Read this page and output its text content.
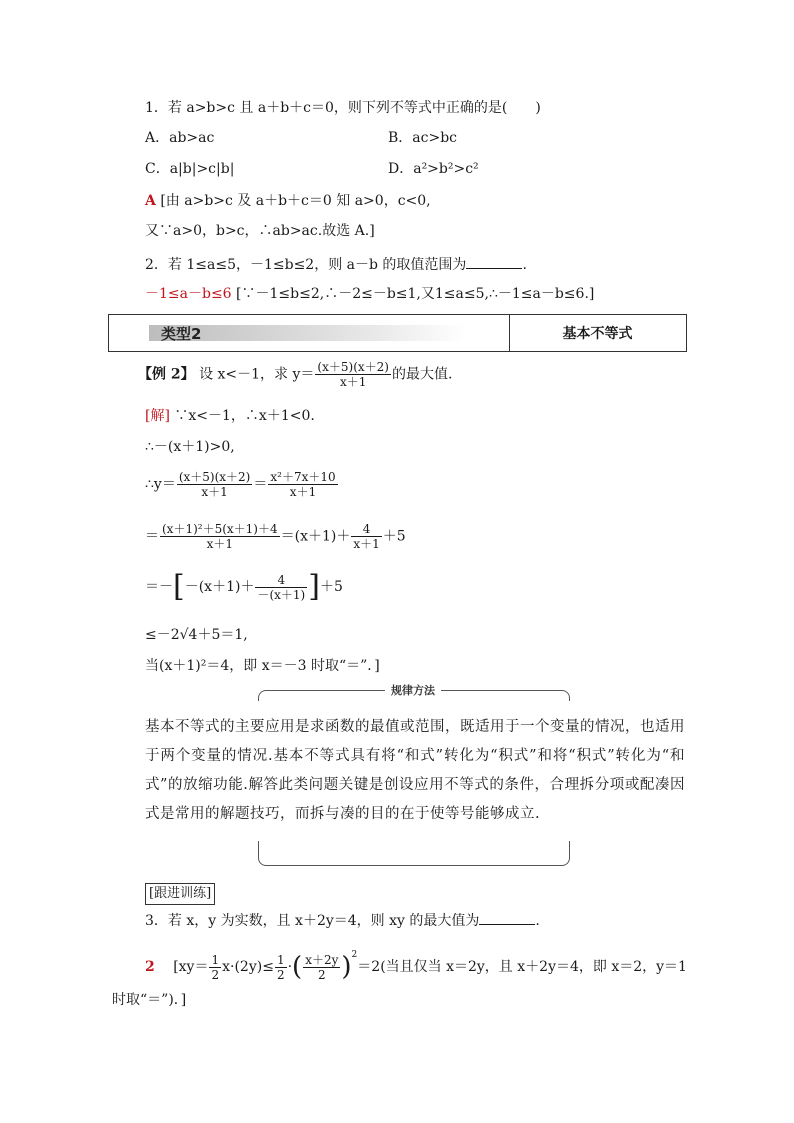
1．若 a>b>c 且 a＋b＋c＝0，则下列不等式中正确的是(　　)
A．ab>ac	B．ac>bc
C．a|b|>c|b|	D．a²>b²>c²
A [由 a>b>c 及 a＋b＋c＝0 知 a>0，c<0,
又∵a>0，b>c，∴ab>ac.故选 A.]
2．若 1≤a≤5，－1≤b≤2，则 a－b 的取值范围为	.
－1≤a－b≤6 [∵－1≤b≤2,∴－2≤－b≤1,又1≤a≤5,∴－1≤a－b≤6.]
类型2	基本不等式
【例 2】 设 x<－1，求 $y= \frac{(x+5)(x+2)}{x+1}$ 的最大值.
[解] ∵x<－1，∴x＋1<0.
∴－(x＋1)>0,
∴y＝ $\frac{(x+5)(x+2)}{x+1} = \frac{\text{x²＋7x＋10}}{x+1}$
＝ $\frac{\text{(x＋1)²＋5(x＋1)＋4}}{x+1} =(x+1)+ \frac{4}{x+1} +5$
$=-[-(x+1)+ \frac{4}{-(x+1)} ]+5$
≤－2√4＋5＝1,
当(x＋1)²＝4，即 x＝－3 时取“＝”．]
规律方法
基本不等式的主要应用是求函数的最值或范围，既适用于一个变量的情况，也适用于两个变量的情况.基本不等式具有将“和式”转化为“积式”和将“积式”转化为“和式”的放缩功能.解答此类问题关键是创设应用不等式的条件，合理拆分项或配凑因式是常用的解题技巧，而拆与凑的目的在于使等号能够成立.
[跟进训练]
3．若 x，y 为实数，且 x＋2y＝4，则 xy 的最大值为	.
2 [$xy= \frac{1}{2} x\cdot(2y)\le \frac{1}{2}$ ·( $\frac{x+2y}{2} )^2=2$(当且仅当 x＝2y，且 x＋2y＝4，即 x＝2，y＝1
时取“＝”)．]
